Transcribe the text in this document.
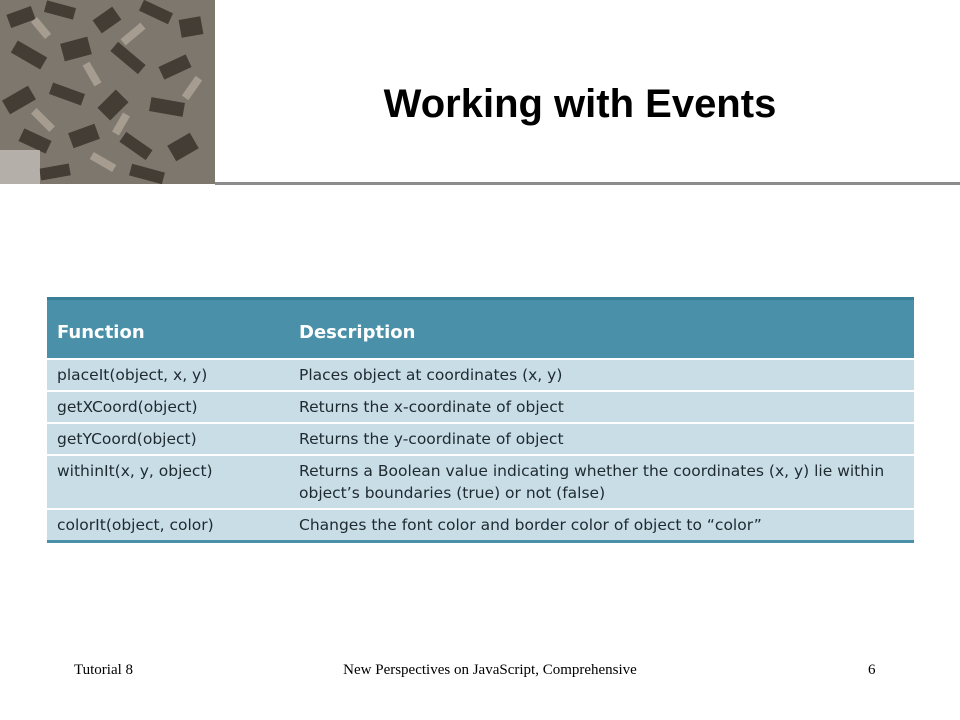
Working with Events
Function	Description
placeIt(object, x, y)	Places object at coordinates (x, y)
getXCoord(object)	Returns the x-coordinate of object
getYCoord(object)	Returns the y-coordinate of object
withinIt(x, y, object)	Returns a Boolean value indicating whether the coordinates (x, y) lie within object’s boundaries (true) or not (false)
colorIt(object, color)	Changes the font color and border color of object to “color”
Tutorial 8	New Perspectives on JavaScript, Comprehensive	6
